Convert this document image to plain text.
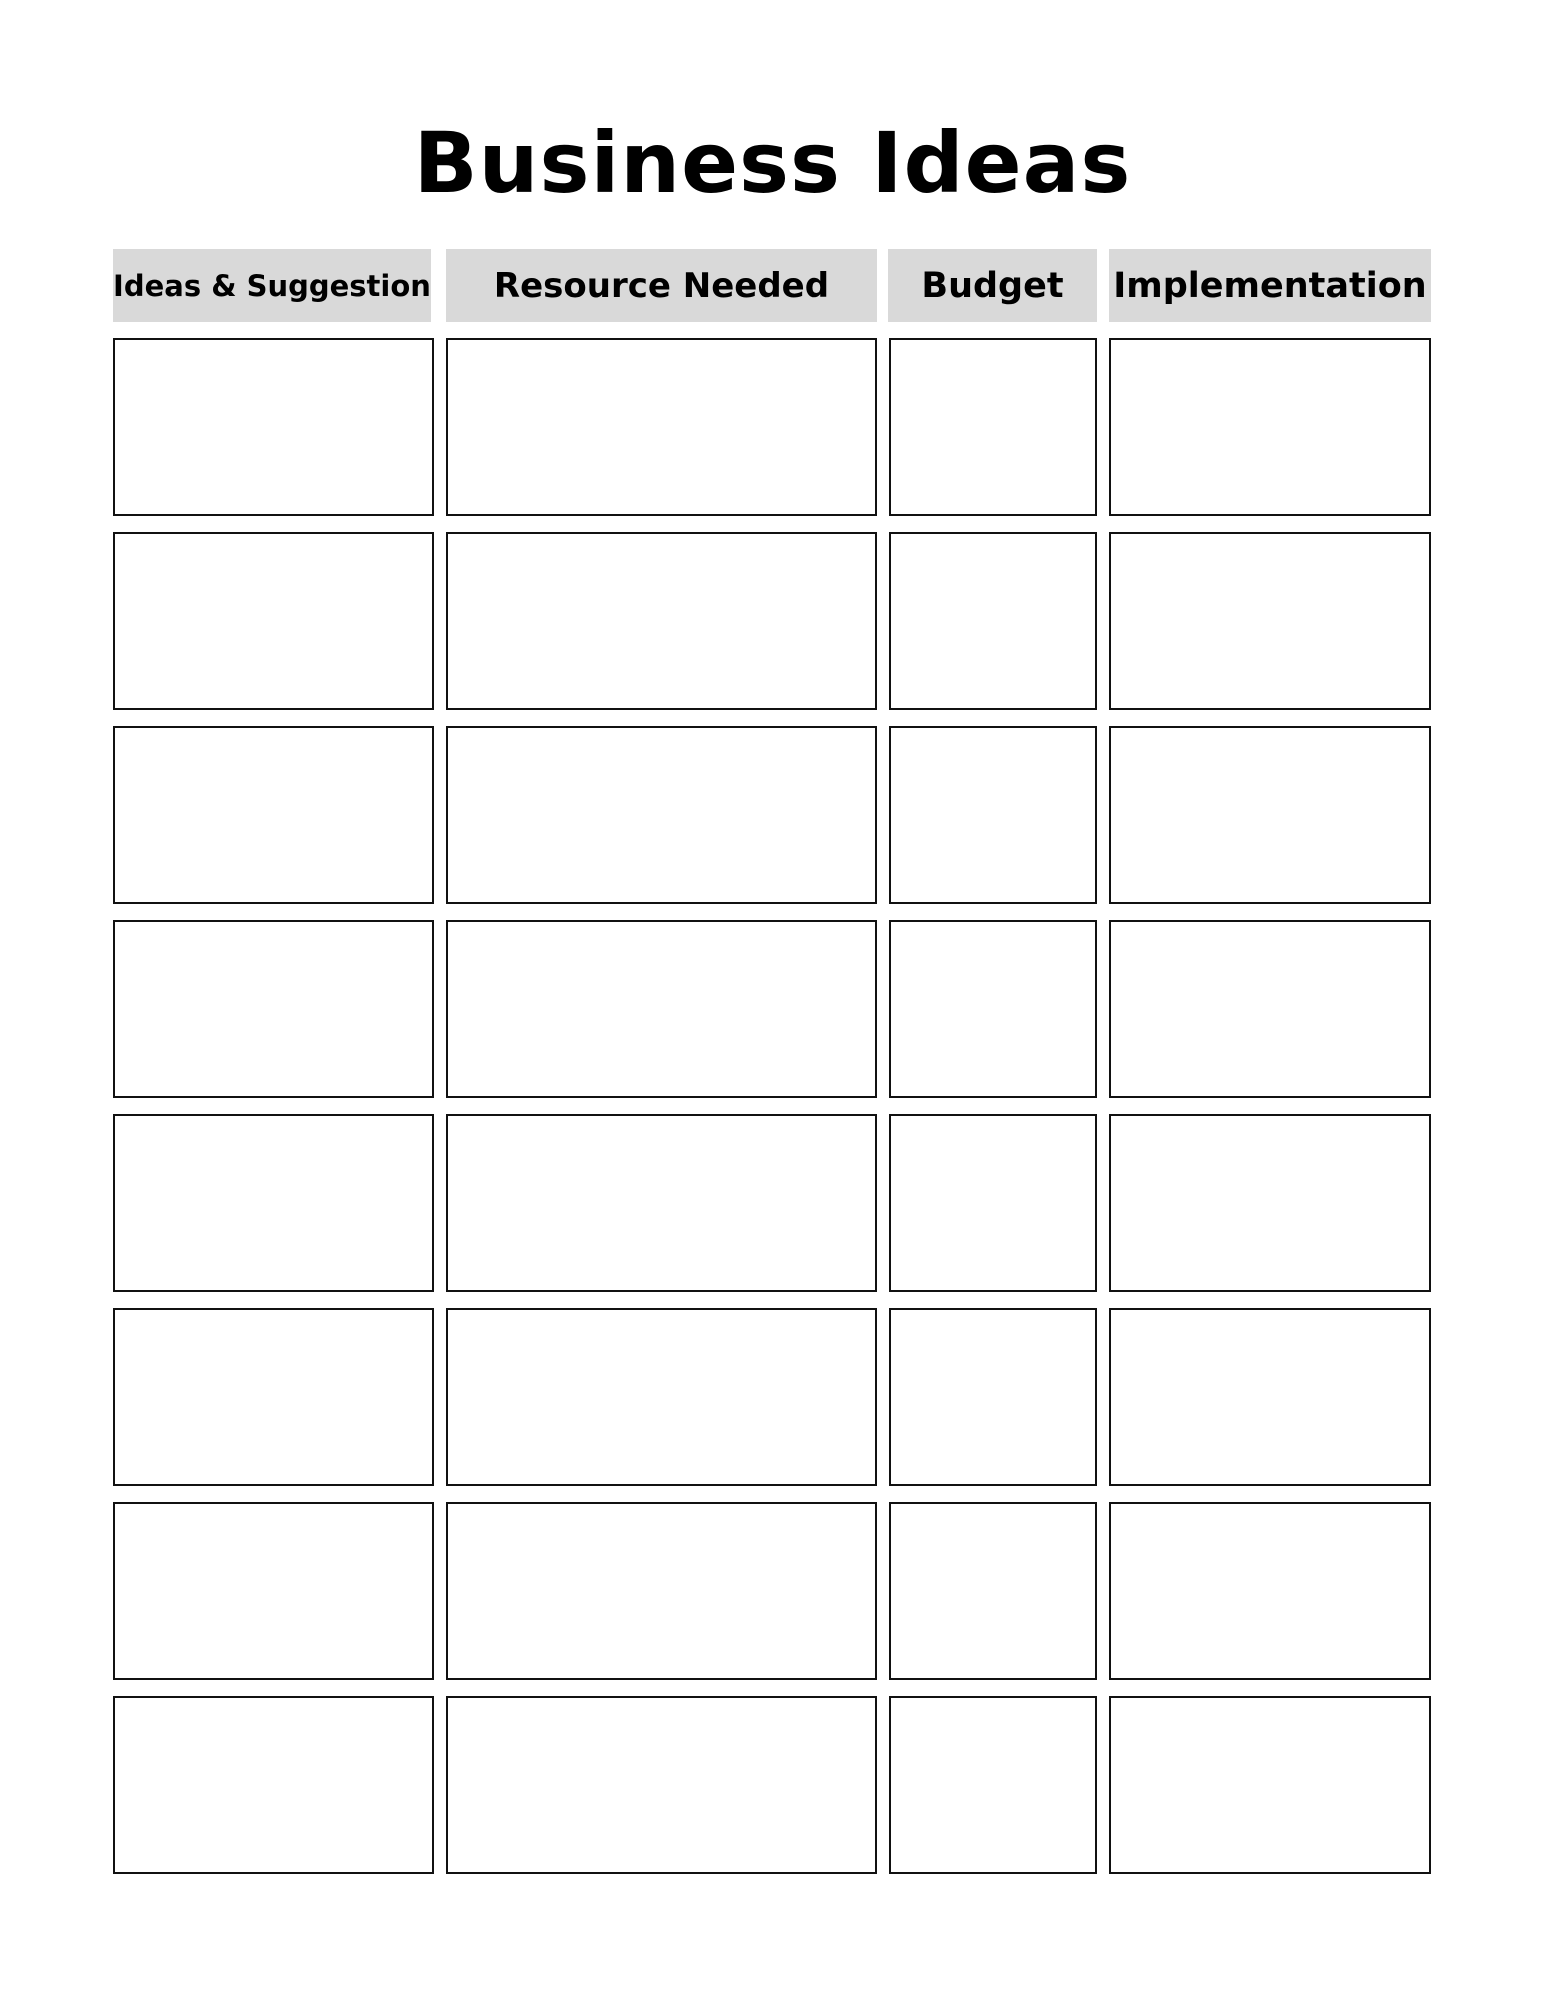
Business Ideas
Ideas & Suggestion	Resource Needed	Budget	Implementation
